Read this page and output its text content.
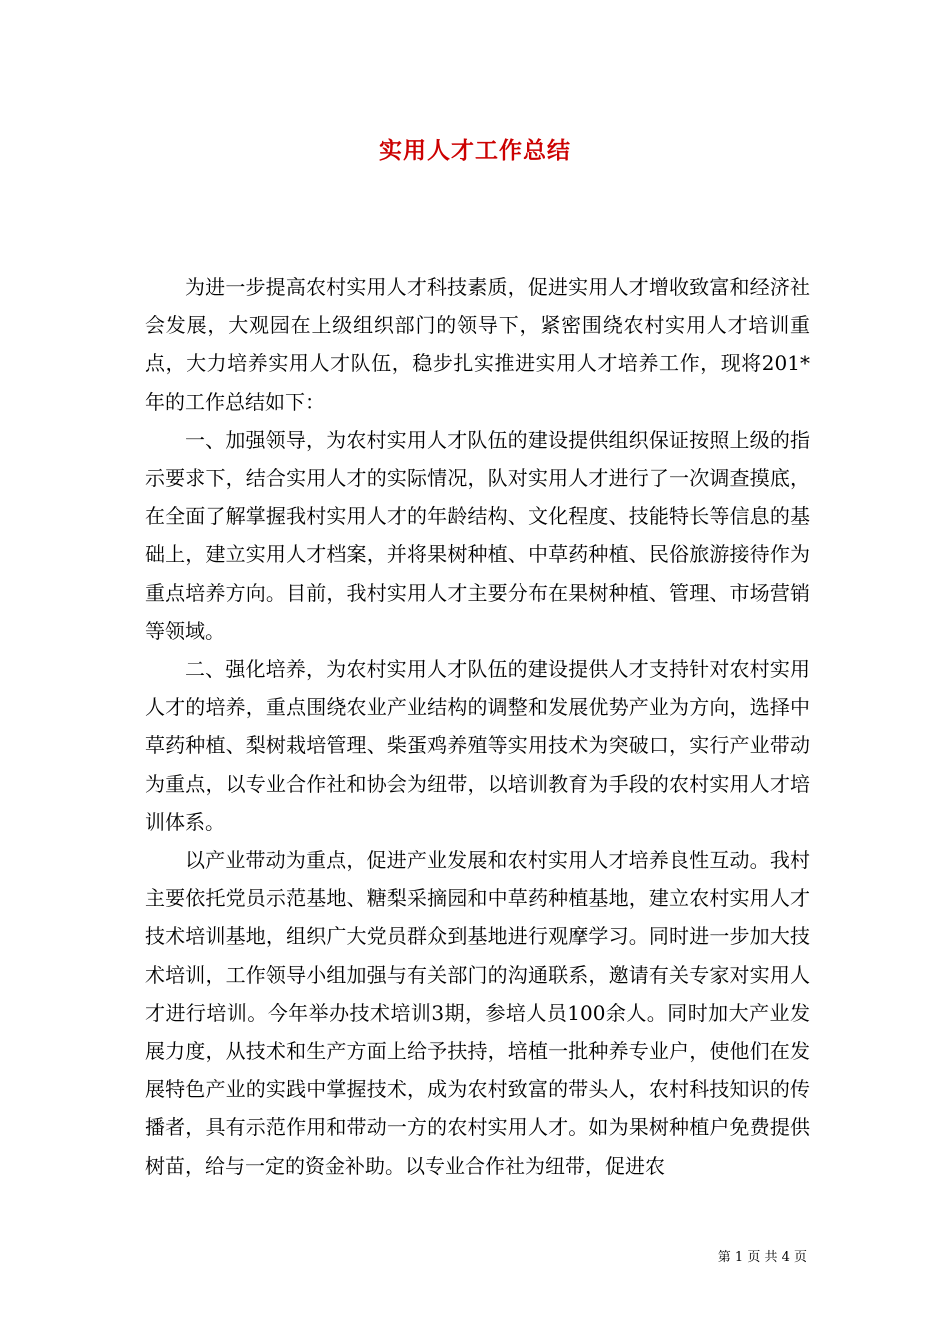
实用人才工作总结

为进一步提高农村实用人才科技素质，促进实用人才增收致富和经济社会发展，大观园在上级组织部门的领导下，紧密围绕农村实用人才培训重点，大力培养实用人才队伍，稳步扎实推进实用人才培养工作，现将201*年的工作总结如下：

一、加强领导，为农村实用人才队伍的建设提供组织保证按照上级的指示要求下，结合实用人才的实际情况，队对实用人才进行了一次调查摸底，在全面了解掌握我村实用人才的年龄结构、文化程度、技能特长等信息的基础上，建立实用人才档案，并将果树种植、中草药种植、民俗旅游接待作为重点培养方向。目前，我村实用人才主要分布在果树种植、管理、市场营销等领域。

二、强化培养，为农村实用人才队伍的建设提供人才支持针对农村实用人才的培养，重点围绕农业产业结构的调整和发展优势产业为方向，选择中草药种植、梨树栽培管理、柴蛋鸡养殖等实用技术为突破口，实行产业带动为重点，以专业合作社和协会为纽带，以培训教育为手段的农村实用人才培训体系。

以产业带动为重点，促进产业发展和农村实用人才培养良性互动。我村主要依托党员示范基地、糖梨采摘园和中草药种植基地，建立农村实用人才技术培训基地，组织广大党员群众到基地进行观摩学习。同时进一步加大技术培训，工作领导小组加强与有关部门的沟通联系，邀请有关专家对实用人才进行培训。今年举办技术培训3期，参培人员100余人。同时加大产业发展力度，从技术和生产方面上给予扶持，培植一批种养专业户，使他们在发展特色产业的实践中掌握技术，成为农村致富的带头人，农村科技知识的传播者，具有示范作用和带动一方的农村实用人才。如为果树种植户免费提供树苗，给与一定的资金补助。以专业合作社为纽带，促进农

第 1 页 共 4 页
